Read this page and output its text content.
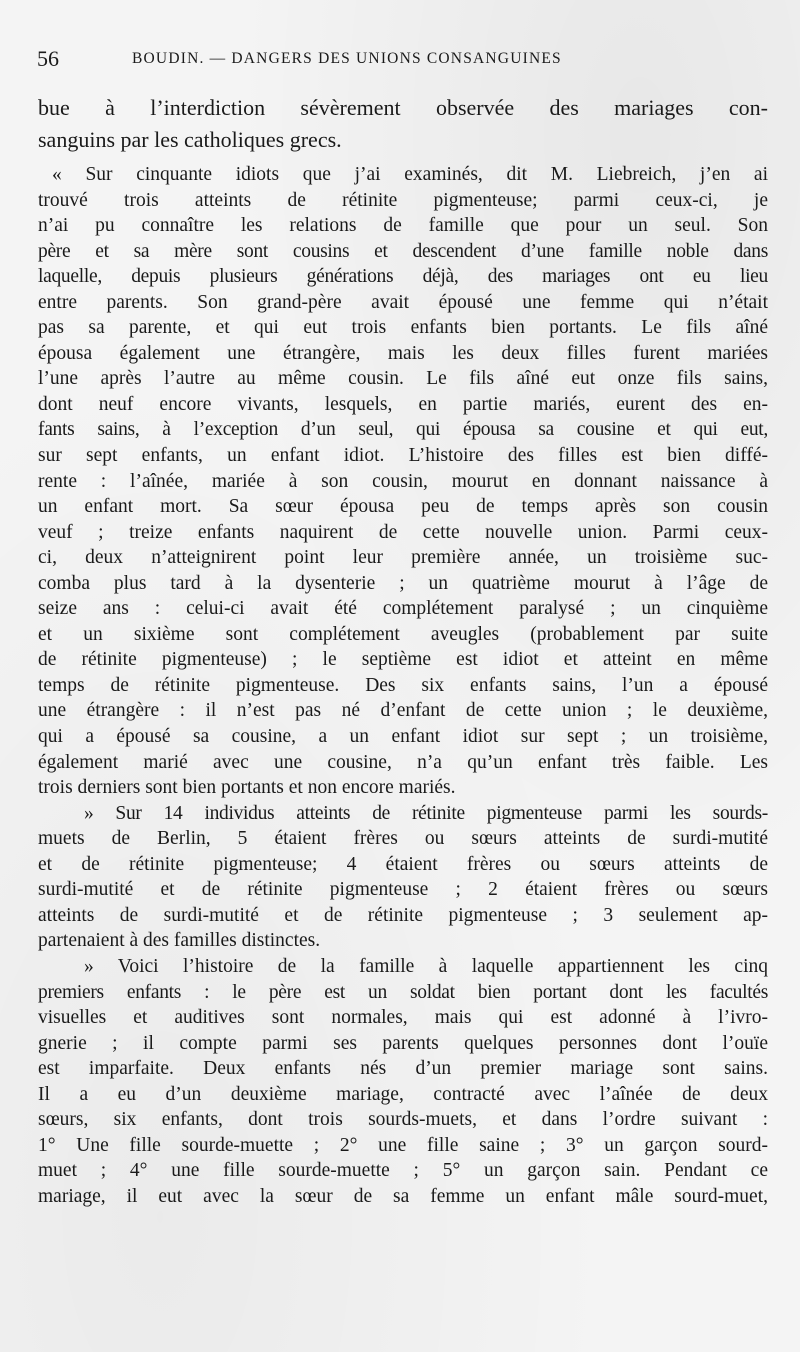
56	BOUDIN. — DANGERS DES UNIONS CONSANGUINES
bue à l’interdiction sévèrement observée des mariages con-
sanguins par les catholiques grecs.
« Sur cinquante idiots que j’ai examinés, dit M. Liebreich, j’en ai
trouvé trois atteints de rétinite pigmenteuse; parmi ceux-ci, je
n’ai pu connaître les relations de famille que pour un seul. Son
père et sa mère sont cousins et descendent d’une famille noble dans
laquelle, depuis plusieurs générations déjà, des mariages ont eu lieu
entre parents. Son grand-père avait épousé une femme qui n’était
pas sa parente, et qui eut trois enfants bien portants. Le fils aîné
épousa également une étrangère, mais les deux filles furent mariées
l’une après l’autre au même cousin. Le fils aîné eut onze fils sains,
dont neuf encore vivants, lesquels, en partie mariés, eurent des en-
fants sains, à l’exception d’un seul, qui épousa sa cousine et qui eut,
sur sept enfants, un enfant idiot. L’histoire des filles est bien diffé-
rente : l’aînée, mariée à son cousin, mourut en donnant naissance à
un enfant mort. Sa sœur épousa peu de temps après son cousin
veuf ; treize enfants naquirent de cette nouvelle union. Parmi ceux-
ci, deux n’atteignirent point leur première année, un troisième suc-
comba plus tard à la dysenterie ; un quatrième mourut à l’âge de
seize ans : celui-ci avait été complétement paralysé ; un cinquième
et un sixième sont complétement aveugles (probablement par suite
de rétinite pigmenteuse) ; le septième est idiot et atteint en même
temps de rétinite pigmenteuse. Des six enfants sains, l’un a épousé
une étrangère : il n’est pas né d’enfant de cette union ; le deuxième,
qui a épousé sa cousine, a un enfant idiot sur sept ; un troisième,
également marié avec une cousine, n’a qu’un enfant très faible. Les
trois derniers sont bien portants et non encore mariés.
» Sur 14 individus atteints de rétinite pigmenteuse parmi les sourds-
muets de Berlin, 5 étaient frères ou sœurs atteints de surdi-mutité
et de rétinite pigmenteuse; 4 étaient frères ou sœurs atteints de
surdi-mutité et de rétinite pigmenteuse ; 2 étaient frères ou sœurs
atteints de surdi-mutité et de rétinite pigmenteuse ; 3 seulement ap-
partenaient à des familles distinctes.
» Voici l’histoire de la famille à laquelle appartiennent les cinq
premiers enfants : le père est un soldat bien portant dont les facultés
visuelles et auditives sont normales, mais qui est adonné à l’ivro-
gnerie ; il compte parmi ses parents quelques personnes dont l’ouïe
est imparfaite. Deux enfants nés d’un premier mariage sont sains.
Il a eu d’un deuxième mariage, contracté avec l’aînée de deux
sœurs, six enfants, dont trois sourds-muets, et dans l’ordre suivant :
1° Une fille sourde-muette ; 2° une fille saine ; 3° un garçon sourd-
muet ; 4° une fille sourde-muette ; 5° un garçon sain. Pendant ce
mariage, il eut avec la sœur de sa femme un enfant mâle sourd-muet,
